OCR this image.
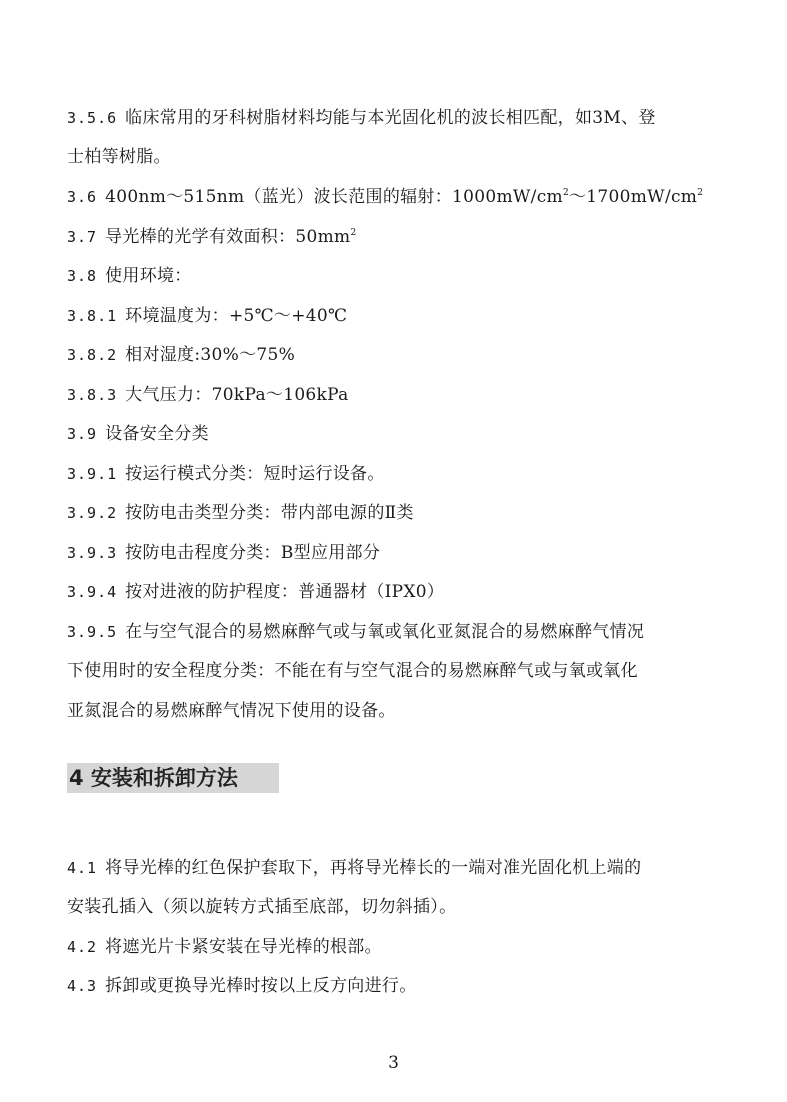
3.5.6 临床常用的牙科树脂材料均能与本光固化机的波长相匹配，如3M、登
士柏等树脂。
3.6 400nm～515nm（蓝光）波长范围的辐射：$1000mW/cm^2\sim 1700mW/cm^2$
3.7 导光棒的光学有效面积：$50mm^2$
3.8 使用环境：
3.8.1 环境温度为：+5℃～+40℃
3.8.2 相对湿度:30%～75%
3.8.3 大气压力：70kPa～106kPa
3.9 设备安全分类
3.9.1 按运行模式分类：短时运行设备。
3.9.2 按防电击类型分类：带内部电源的Ⅱ类
3.9.3 按防电击程度分类：B型应用部分
3.9.4 按对进液的防护程度：普通器材（IPX0）
3.9.5 在与空气混合的易燃麻醉气或与氧或氧化亚氮混合的易燃麻醉气情况
下使用时的安全程度分类：不能在有与空气混合的易燃麻醉气或与氧或氧化
亚氮混合的易燃麻醉气情况下使用的设备。
4 安装和拆卸方法
4.1 将导光棒的红色保护套取下，再将导光棒长的一端对准光固化机上端的
安装孔插入（须以旋转方式插至底部，切勿斜插）。
4.2 将遮光片卡紧安装在导光棒的根部。
4.3 拆卸或更换导光棒时按以上反方向进行。
3
